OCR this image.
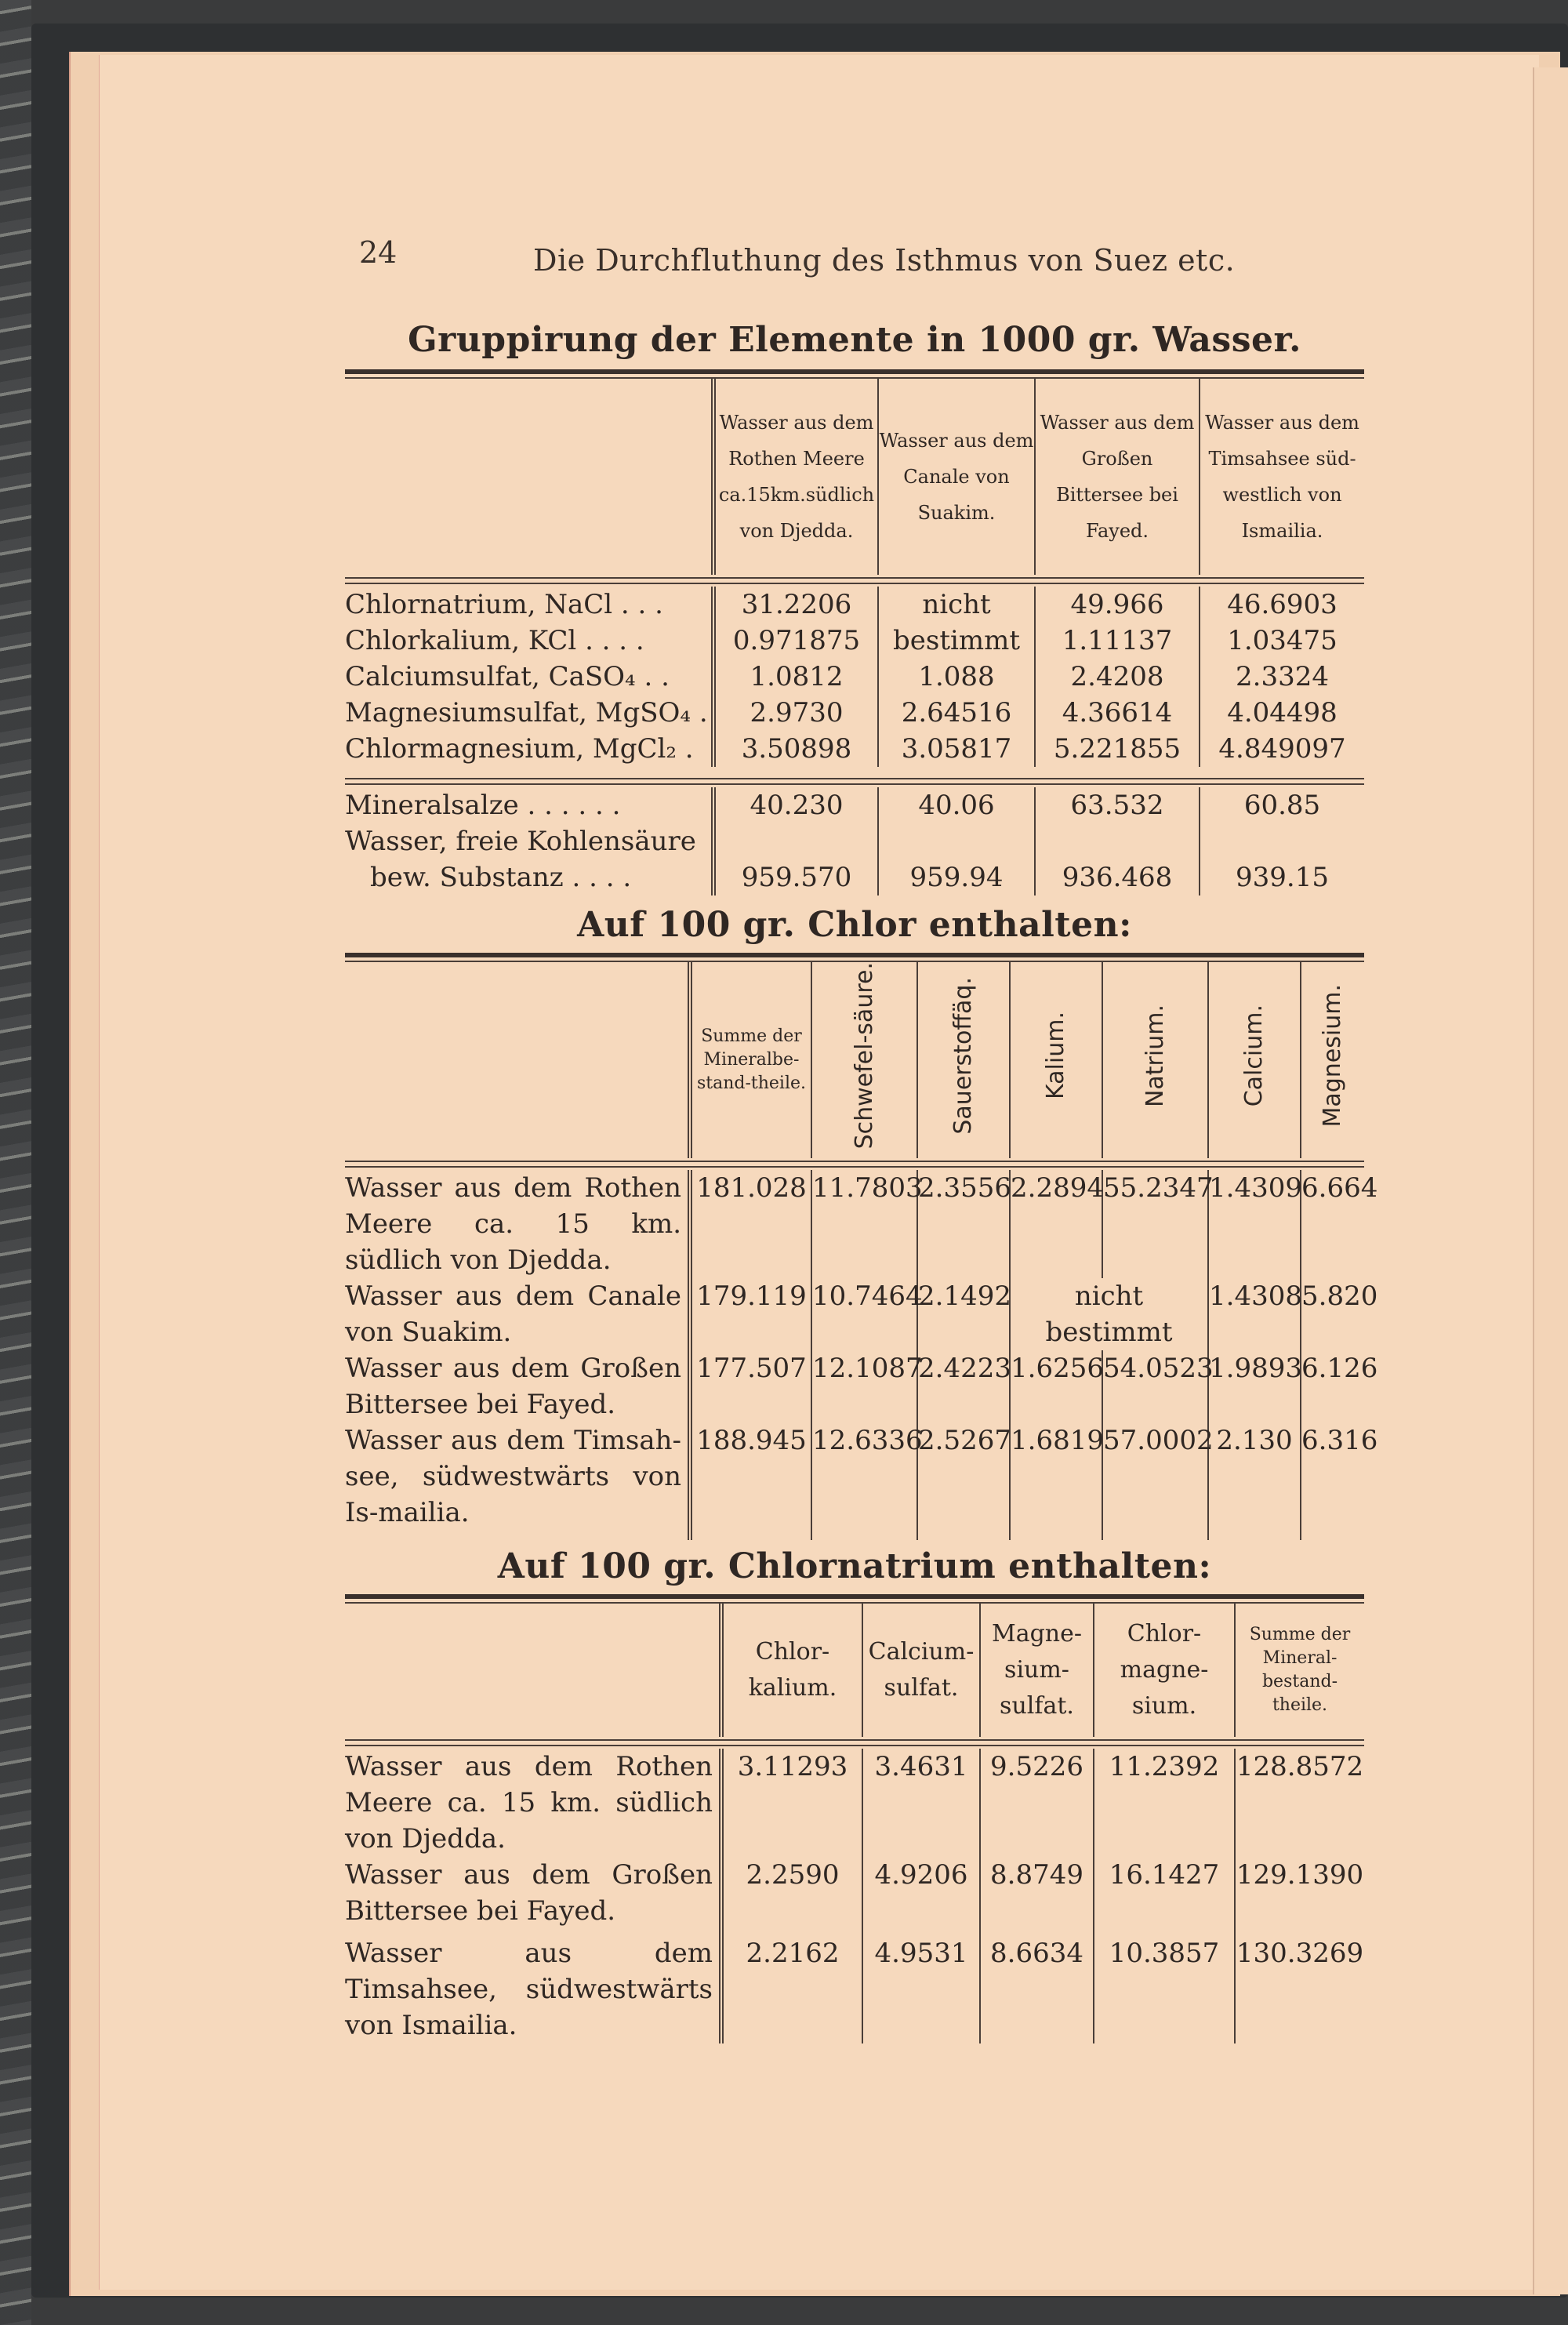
24	Die Durchfluthung des Isthmus von Suez etc.
Gruppirung der Elemente in 1000 gr. Wasser.
	Wasser aus dem Rothen Meere ca.15km.südlich von Djedda.	Wasser aus dem Canale von Suakim.	Wasser aus dem Großen Bittersee bei Fayed.	Wasser aus dem Timsahsee süd-westlich von Ismailia.

Chlornatrium, NaCl . . .	31.2206	nicht	49.966	46.6903
Chlorkalium, KCl . . . .	0.971875	bestimmt	1.11137	1.03475
Calciumsulfat, CaSO₄ . .	1.0812	1.088	2.4208	2.3324
Magnesiumsulfat, MgSO₄ .	2.9730	2.64516	4.36614	4.04498
Chlormagnesium, MgCl₂ .	3.50898	3.05817	5.221855	4.849097

Mineralsalze . . . . . .	40.230	40.06	63.532	60.85
Wasser, freie Kohlensäure				
bew. Substanz . . . .	959.570	959.94	936.468	939.15
Auf 100 gr. Chlor enthalten:
	Summe der Mineralbe-stand-theile.	Schwefel-säure.	Sauerstoffäq.	Kalium.	Natrium.	Calcium.	Magnesium.

Wasser aus dem Rothen Meere ca. 15 km. südlich von Djedda.	181.028	11.7803	2.3556	2.2894	55.2347	1.4309	6.664
Wasser aus dem Canale von Suakim.	179.119	10.7464	2.1492	nicht bestimmt		1.4308	5.820
Wasser aus dem Großen Bittersee bei Fayed.	177.507	12.1087	2.4223	1.6256	54.0523	1.9893	6.126
Wasser aus dem Timsah-see, südwestwärts von Is-mailia.	188.945	12.6336	2.5267	1.6819	57.0002	2.130	6.316
Auf 100 gr. Chlornatrium enthalten:
	Chlor-kalium.	Calcium-sulfat.	Magne-sium-sulfat.	Chlor-magne-sium.	Summe der Mineral-bestand-theile.

Wasser aus dem Rothen Meere ca. 15 km. südlich von Djedda.	3.11293	3.4631	9.5226	11.2392	128.8572
Wasser aus dem Großen Bittersee bei Fayed.	2.2590	4.9206	8.8749	16.1427	129.1390
Wasser aus dem Timsahsee, südwestwärts von Ismailia.	2.2162	4.9531	8.6634	10.3857	130.3269
